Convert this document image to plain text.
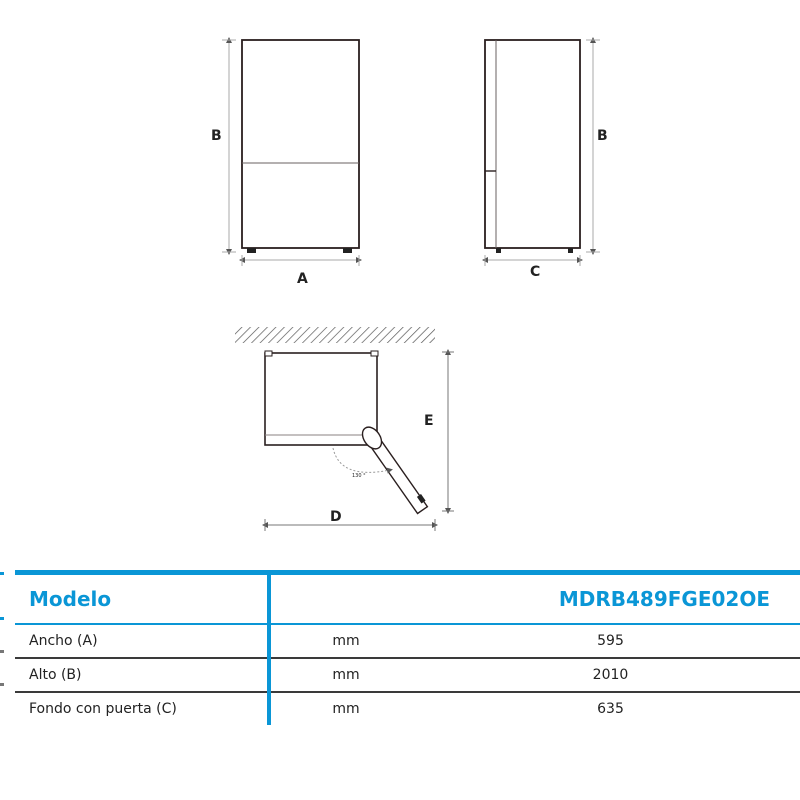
B
A
B
C
130 °
E
D
Modelo		MDRB489FGE02OE
Ancho (A)	mm	595
Alto (B)	mm	2010
Fondo con puerta (C)	mm	635
